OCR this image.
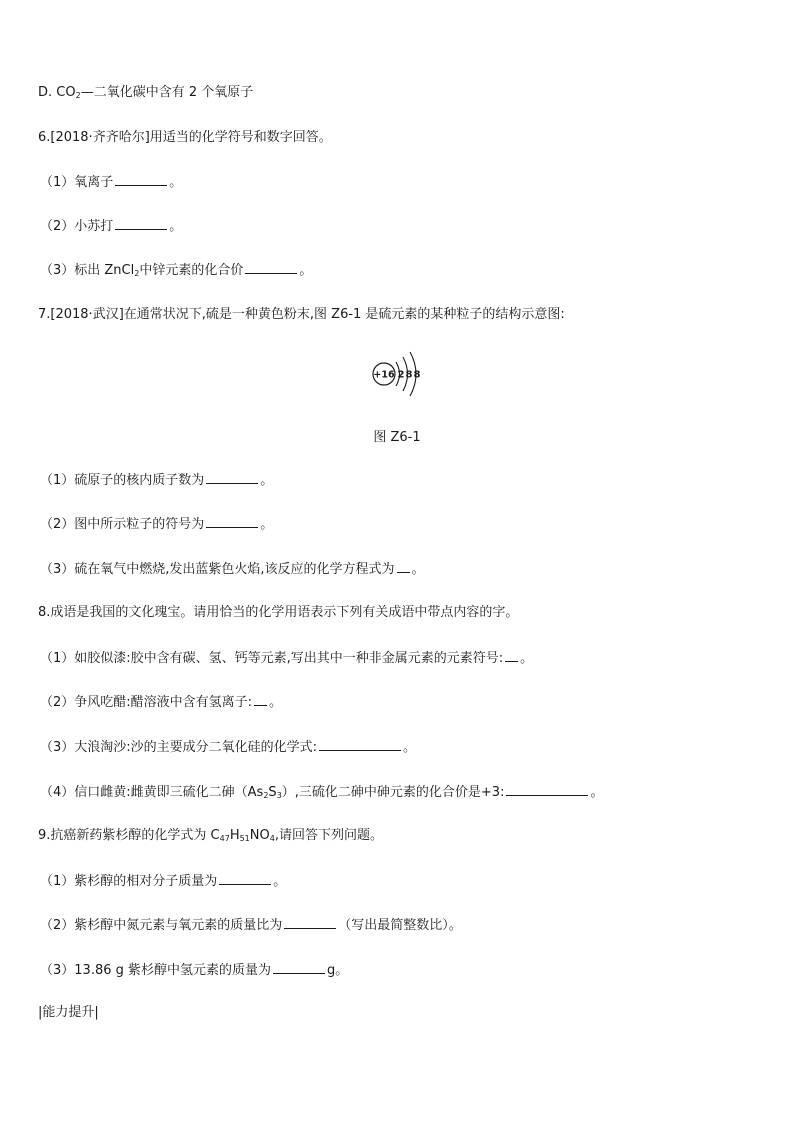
D. $CO_2—$二氧化碳中含有 2 个氧原子
6.[2018·齐齐哈尔]用适当的化学符号和数字回答。
（1）氧离子	。
（2）小苏打	。
（3）标出 ZnCl$_2$中锌元素的化合价	。
7.[2018·武汉]在通常状况下,硫是一种黄色粉末,图 Z6-1 是硫元素的某种粒子的结构示意图:
+16 2 8 8
图 Z6-1
（1）硫原子的核内质子数为	。
（2）图中所示粒子的符号为	。
（3）硫在氧气中燃烧,发出蓝紫色火焰,该反应的化学方程式为 。
8.成语是我国的文化瑰宝。请用恰当的化学用语表示下列有关成语中带点内容的字。
（1）如胶似漆:胶中含有碳、氢、钙等元素,写出其中一种非金属元素的元素符号: 。
（2）争风吃醋:醋溶液中含有氢离子: 。
（3）大浪淘沙:沙的主要成分二氧化硅的化学式:	。
（4）信口雌黄:雌黄即三硫化二砷$(As_2S_3)$,三硫化二砷中砷元素的化合价是+3:	。
9.抗癌新药紫杉醇的化学式为 $C_{47}H_{51}NO_4$,请回答下列问题。
（1）紫杉醇的相对分子质量为	。
（2）紫杉醇中氮元素与氧元素的质量比为	（写出最简整数比）。
（3）13.86 g 紫杉醇中氢元素的质量为	g。
|能力提升|
